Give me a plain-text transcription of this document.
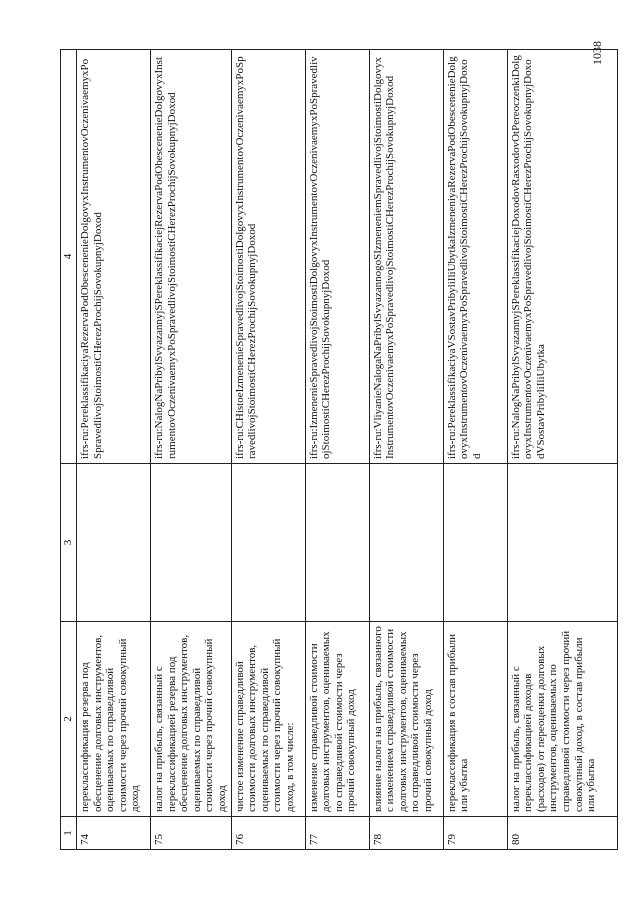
1	2	3	4
74	переклассификация резерва под обесценение долговых инструментов, оцениваемых по справедливой стоимости через прочий совокупный доход		ifrs-ru:PereklassifikaciyaRezervaPodObesceneniеDolgovyxInstrumentovOczenivaemyxPoSpravedlivojStoimostiCHerezProchijSovokupnyjDoxod
75	налог на прибыль, связанный с переклассификацией резерва под обесценение долговых инструментов, оцениваемых по справедливой стоимости через прочий совокупный доход		ifrs-ru:NalogNaPribylSvyazannyjSPereklassifikaciejRezervaPodObesceneniеDolgovyxInstrumentovOczenivaemyxPoSpravedlivojStoimostiCHerezProchijSovokupnyjDoxod
76	чистое изменение справедливой стоимости долговых инструментов, оцениваемых по справедливой стоимости через прочий совокупный доход, в том числе:		ifrs-ru:CHistoeIzmenenieSpravedlivojStoimostiDolgovyxInstrumentovOczenivaemyxPoSpravedlivojStoimostiCHerezProchijSovokupnyjDoxod
77	изменение справедливой стоимости долговых инструментов, оцениваемых по справедливой стоимости через прочий совокупный доход		ifrs-ru:IzmenenieSpravedlivojStoimostiDolgovyxInstrumentovOczenivaemyxPoSpravedlivojStoimostiCHerezProchijSovokupnyjDoxod
78	влияние налога на прибыль, связанного с изменением справедливой стоимости долговых инструментов, оцениваемых по справедливой стоимости через прочий совокупный доход		ifrs-ru:VliyanieNalogaNaPribylSvyazannogoSIzmeneniemSpravedlivojStoimostiDolgovyxInstrumentovOczenivaemyxPoSpravedlivojStoimostiCHerezProchijSovokupnyjDoxod
79	переклассификация в состав прибыли или убытка		ifrs-ru:PereklassifikaciyaVSostavPribyliIliUbytkaIzmeneniyaRezervaPodObesceneniеDolgovyxInstrumentovOczenivaemyxPoSpravedlivojStoimostiCHerezProchijSovokupnyjDoxod
80	налог на прибыль, связанный с переклассификацией доходов (расходов) от переоценки долговых инструментов, оцениваемых по справедливой стоимости через прочий совокупный доход, в состав прибыли или убытка		ifrs-ru:NalogNaPribylSvyazannyjSPereklassifikaciejDoxodovRasxodovOtPereoczenkiDolgovyxInstrumentovOczenivaemyxPoSpravedlivojStoimostiCHerezProchijSovokupnyjDoxodVSostavPribyliIliUbytka
1038
